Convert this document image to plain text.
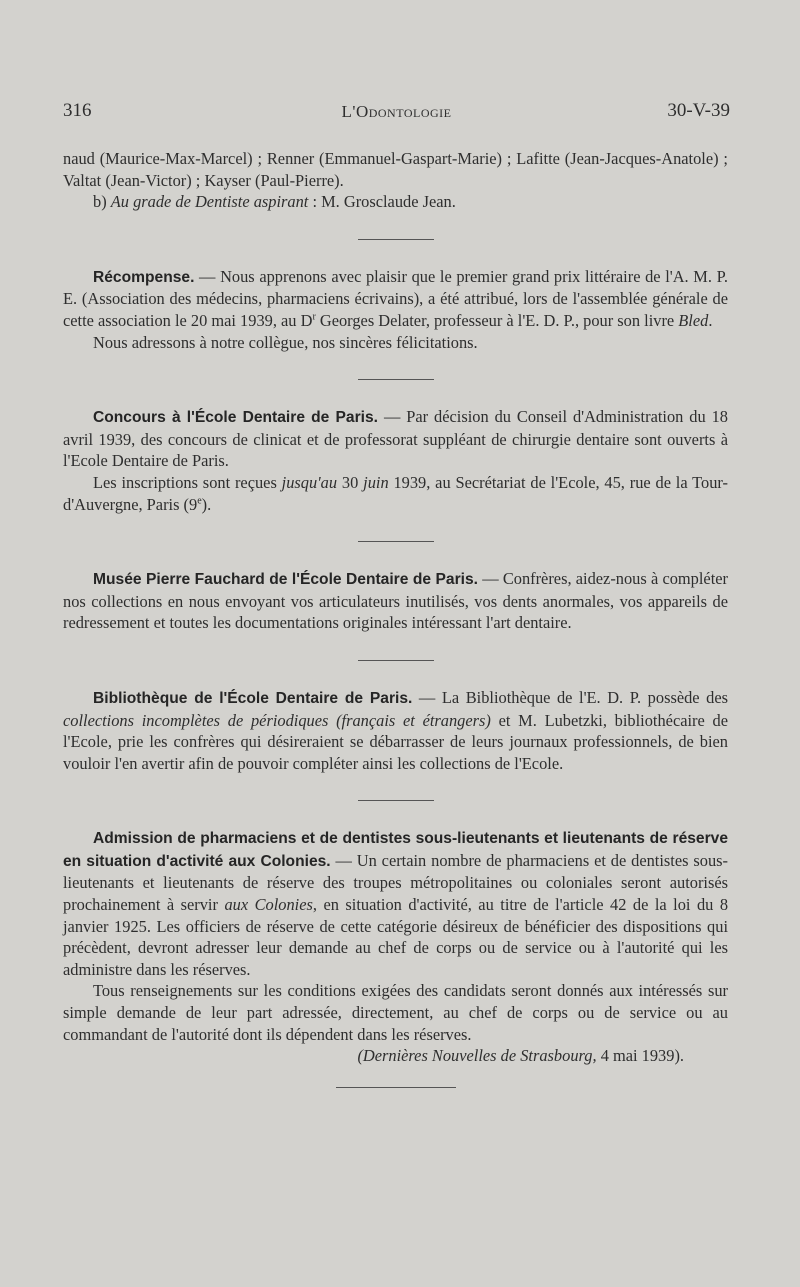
316	L'Odontologie	30-V-39

naud (Maurice-Max-Marcel) ; Renner (Emmanuel-Gaspart-Marie) ; Lafitte (Jean-Jacques-Anatole) ; Valtat (Jean-Victor) ; Kayser (Paul-Pierre).

b) Au grade de Dentiste aspirant : M. Grosclaude Jean.

Récompense. — Nous apprenons avec plaisir que le premier grand prix littéraire de l'A. M. P. E. (Association des médecins, pharmaciens écrivains), a été attribué, lors de l'assemblée générale de cette association le 20 mai 1939, au $D^r$ Georges Delater, professeur à l'E. D. P., pour son livre Bled.

Nous adressons à notre collègue, nos sincères félicitations.

Concours à l'École Dentaire de Paris. — Par décision du Conseil d'Administration du 18 avril 1939, des concours de clinicat et de professorat suppléant de chirurgie dentaire sont ouverts à l'Ecole Dentaire de Paris.

Les inscriptions sont reçues jusqu'au 30 juin 1939, au Secrétariat de l'Ecole, 45, rue de la Tour-d'Auvergne, Paris (9e).

Musée Pierre Fauchard de l'École Dentaire de Paris. — Confrères, aidez-nous à compléter nos collections en nous envoyant vos articulateurs inutilisés, vos dents anormales, vos appareils de redressement et toutes les documentations originales intéressant l'art dentaire.

Bibliothèque de l'École Dentaire de Paris. — La Bibliothèque de l'E. D. P. possède des collections incomplètes de périodiques (français et étrangers) et M. Lubetzki, bibliothécaire de l'Ecole, prie les confrères qui désireraient se débarrasser de leurs journaux professionnels, de bien vouloir l'en avertir afin de pouvoir compléter ainsi les collections de l'Ecole.

Admission de pharmaciens et de dentistes sous-lieutenants et lieutenants de réserve en situation d'activité aux Colonies. — Un certain nombre de pharmaciens et de dentistes sous-lieutenants et lieutenants de réserve des troupes métropolitaines ou coloniales seront autorisés prochainement à servir aux Colonies, en situation d'activité, au titre de l'article 42 de la loi du 8 janvier 1925. Les officiers de réserve de cette catégorie désireux de bénéficier des dispositions qui précèdent, devront adresser leur demande au chef de corps ou de service ou à l'autorité qui les administre dans les réserves.

Tous renseignements sur les conditions exigées des candidats seront donnés aux intéressés sur simple demande de leur part adressée, directement, au chef de corps ou de service ou au commandant de l'autorité dont ils dépendent dans les réserves.

(Dernières Nouvelles de Strasbourg, 4 mai 1939).
